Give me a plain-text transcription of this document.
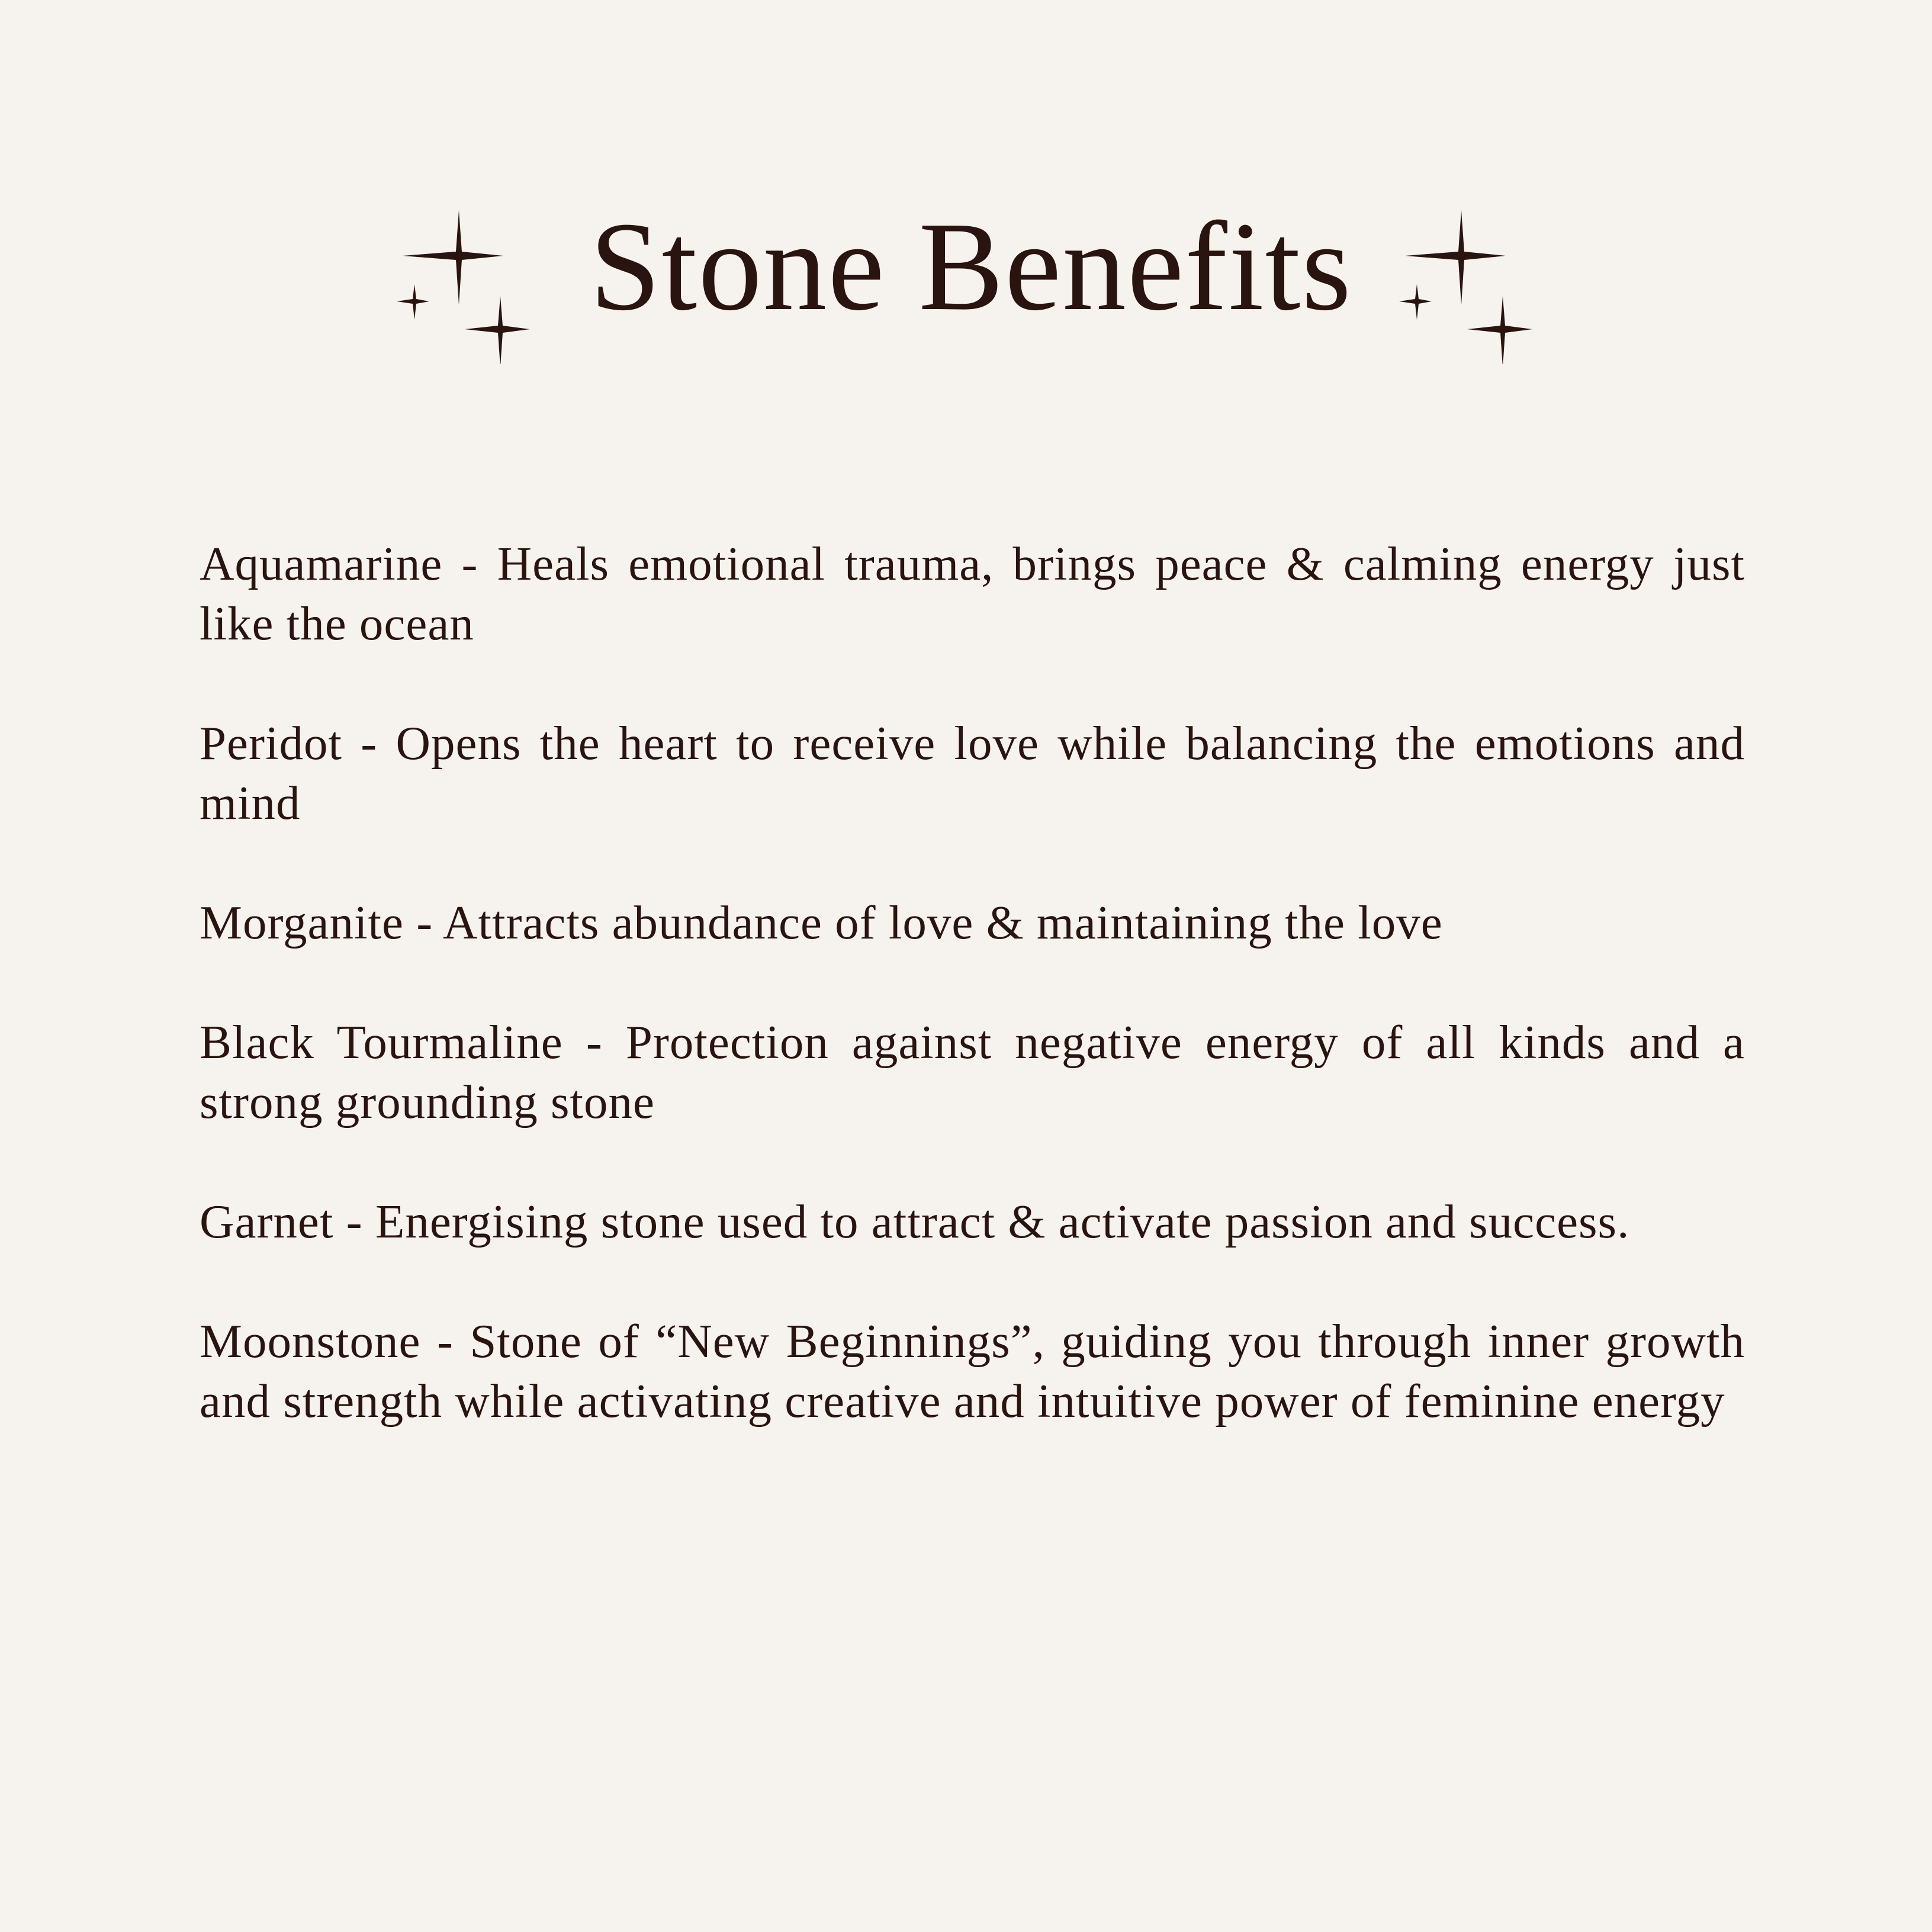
Stone Benefits

Aquamarine - Heals emotional trauma, brings peace & calming energy just like the ocean

Peridot - Opens the heart to receive love while balancing the emotions and mind

Morganite - Attracts abundance of love & maintaining the love

Black Tourmaline - Protection against negative energy of all kinds and a strong grounding stone

Garnet - Energising stone used to attract & activate passion and success.

Moonstone - Stone of “New Beginnings”, guiding you through inner growth and strength while activating creative and intuitive power of feminine energy
